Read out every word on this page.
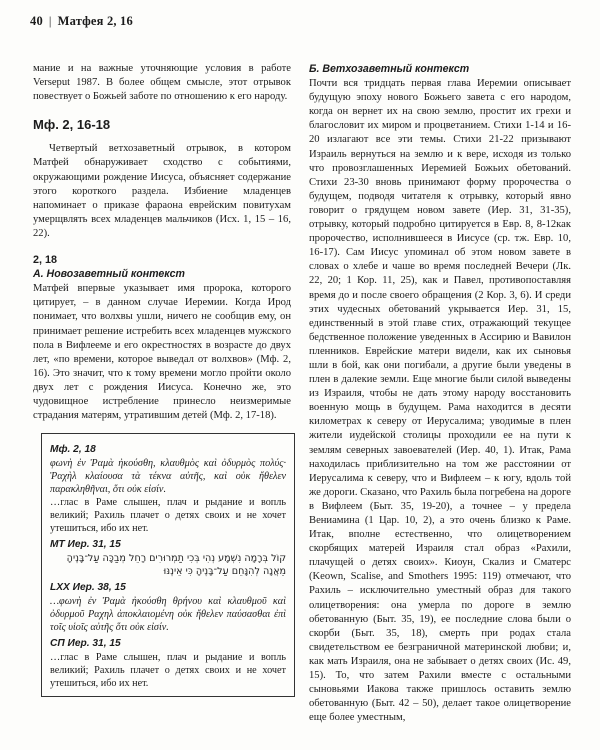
40 | Матфея 2, 16

мание и на важные уточняющие условия в работе Verseput 1987. В более общем смысле, этот отрывок повествует о Божьей заботе по отношению к его народу.

Мф. 2, 16-18

Четвертый ветхозаветный отрывок, в котором Матфей обнаруживает сходство с событиями, окружающими рождение Иисуса, объясняет содержание этого короткого раздела. Избиение младенцев напоминает о приказе фараона еврейским повитухам умерщвлять всех младенцев мальчиков (Исх. 1, 15 – 16, 22).

2, 18
А. Новозаветный контекст

Матфей впервые указывает имя пророка, которого цитирует, – в данном случае Иеремии. Когда Ирод понимает, что волхвы ушли, ничего не сообщив ему, он принимает решение истребить всех младенцев мужского пола в Вифлееме и его окрестностях в возрасте до двух лет, «по времени, которое выведал от волхвов» (Мф. 2, 16). Это значит, что к тому времени могло пройти около двух лет с рождения Иисуса. Конечно же, это чудовищное истребление принесло неизмеримые страдания матерям, утратившим детей (Мф. 2, 17-18).

Мф. 2, 18

φωνὴ ἐν Ῥαμὰ ἠκούσθη, κλαυθμὸς καὶ ὀδυρμὸς πολύς· Ῥαχὴλ κλαίουσα τὰ τέκνα αὐτῆς, καὶ οὐκ ἤθελεν παρακληθῆναι, ὅτι οὐκ εἰσίν.

…глас в Раме слышен, плач и рыдание и вопль великий; Рахиль плачет о детях своих и не хочет утешиться, ибо их нет.

МТ Иер. 31, 15

קוֹל בְּרָמָה נִשְׁמָע נְהִי בְּכִי תַמְרוּרִים רָחֵל מְבַכָּה עַל־בָּנֶיהָ מֵאֲנָה לְהִנָּחֵם עַל־בָּנֶיהָ כִּי אֵינֶנּוּ

LXX Иер. 38, 15

…φωνὴ ἐν Ῥαμὰ ἠκούσθη θρήνου καὶ κλαυθμοῦ καὶ ὀδυρμοῦ Ραχηλ ἀποκλαιομένη οὐκ ἤθελεν παύσασθαι ἐπὶ τοῖς υἱοῖς αὐτῆς ὅτι οὐκ εἰσίν.

СП Иер. 31, 15

…глас в Раме слышен, плач и рыдание и вопль великий; Рахиль плачет о детях своих и не хочет утешиться, ибо их нет.

Б. Ветхозаветный контекст

Почти вся тридцать первая глава Иеремии описывает будущую эпоху нового Божьего завета с его народом, когда он вернет их на свою землю, простит их грехи и благословит их миром и процветанием. Стихи 1-14 и 16-20 излагают все эти темы. Стихи 21-22 призывают Израиль вернуться на землю и к вере, исходя из только что провозглашенных Иеремией Божьих обетований. Стихи 23-30 вновь принимают форму пророчества о будущем, подводя читателя к отрывку, который явно говорит о грядущем новом завете (Иер. 31, 31-35), отрывку, который подробно цитируется в Евр. 8, 8-12как пророчество, исполнившееся в Иисусе (ср. тж. Евр. 10, 16-17). Сам Иисус упоминал об этом новом завете в словах о хлебе и чаше во время последней Вечери (Лк. 22, 20; 1 Кор. 11, 25), как и Павел, противопоставляя время до и после своего обращения (2 Кор. 3, 6). И среди этих чудесных обетований укрывается Иер. 31, 15, единственный в этой главе стих, отражающий текущее бедственное положение уведенных в Ассирию и Вавилон пленников. Еврейские матери видели, как их сыновья шли в бой, как они погибали, а другие были уведены в плен в далекие земли. Еще многие были силой выведены из Израиля, чтобы не дать этому народу восстановить военную мощь в будущем. Рама находится в десяти километрах к северу от Иерусалима; уводимые в плен жители иудейской столицы проходили ее на пути к землям северных завоевателей (Иер. 40, 1). Итак, Рама находилась приблизительно на том же расстоянии от Иерусалима к северу, что и Вифлеем – к югу, вдоль той же дороги. Сказано, что Рахиль была погребена на дороге в Вифлеем (Быт. 35, 19-20), а точнее – у предела Вениамина (1 Цар. 10, 2), а это очень близко к Раме. Итак, вполне естественно, что олицетворением скорбящих матерей Израиля стал образ «Рахили, плачущей о детях своих». Киоун, Скализ и Сматерс (Keown, Scalise, and Smothers 1995: 119) отмечают, что Рахиль – исключительно уместный образ для такого олицетворения: она умерла по дороге в землю обетованную (Быт. 35, 19), ее последние слова были о скорби (Быт. 35, 18), смерть при родах стала свидетельством ее безграничной материнской любви; и, как мать Израиля, она не забывает о детях своих (Ис. 49, 15). То, что затем Рахили вместе с остальными сыновьями Иакова также пришлось оставить землю обетованную (Быт. 42 – 50), делает такое олицетворение еще более уместным,
